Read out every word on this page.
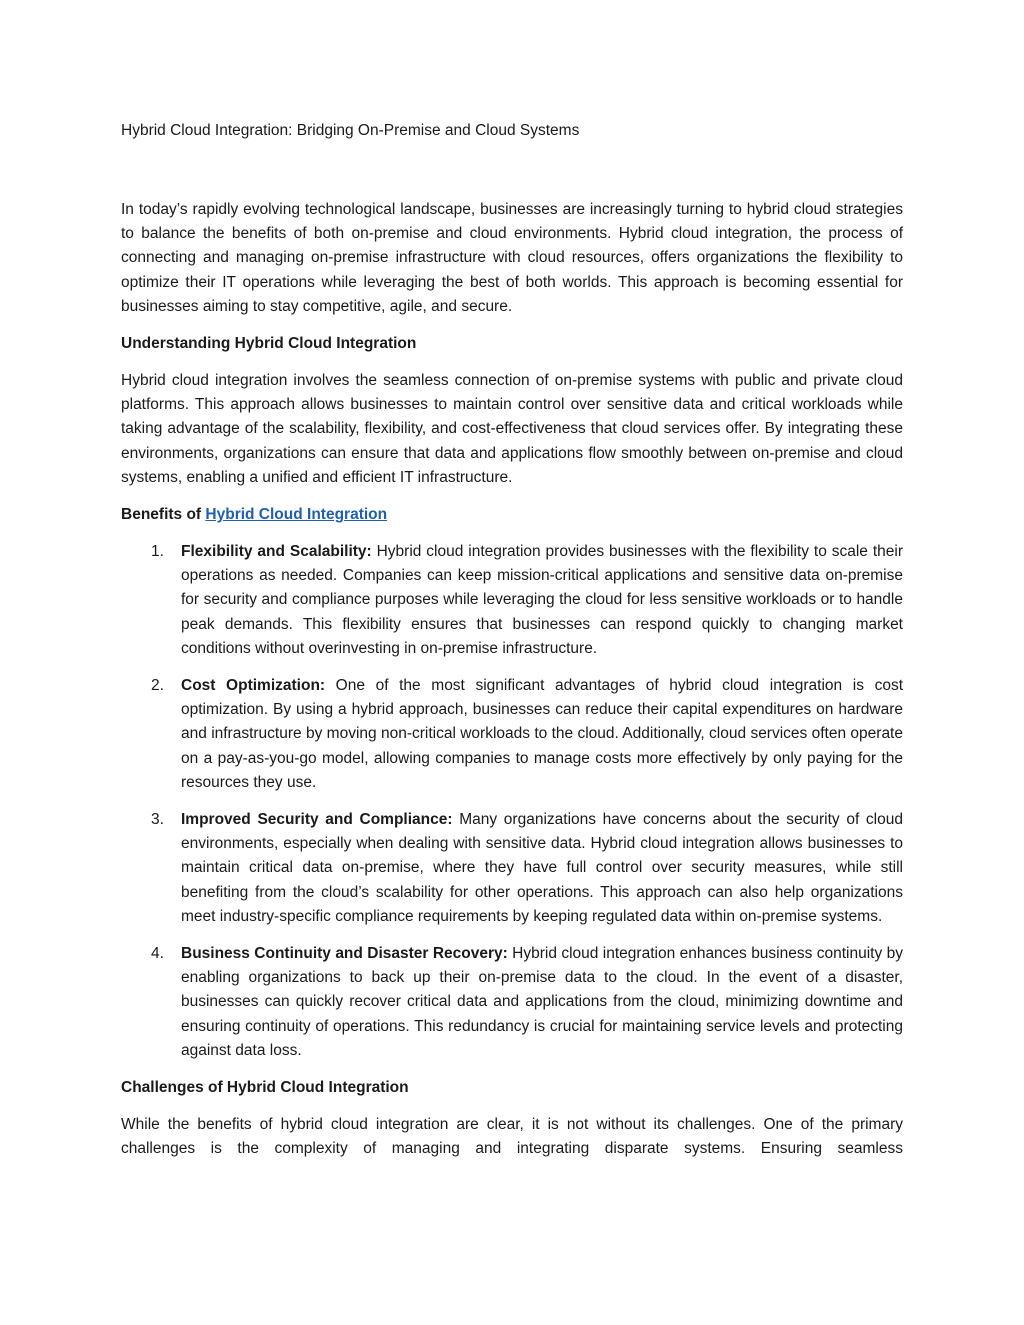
Hybrid Cloud Integration: Bridging On-Premise and Cloud Systems

In today’s rapidly evolving technological landscape, businesses are increasingly turning to hybrid cloud strategies to balance the benefits of both on-premise and cloud environments. Hybrid cloud integration, the process of connecting and managing on-premise infrastructure with cloud resources, offers organizations the flexibility to optimize their IT operations while leveraging the best of both worlds. This approach is becoming essential for businesses aiming to stay competitive, agile, and secure.

Understanding Hybrid Cloud Integration

Hybrid cloud integration involves the seamless connection of on-premise systems with public and private cloud platforms. This approach allows businesses to maintain control over sensitive data and critical workloads while taking advantage of the scalability, flexibility, and cost-effectiveness that cloud services offer. By integrating these environments, organizations can ensure that data and applications flow smoothly between on-premise and cloud systems, enabling a unified and efficient IT infrastructure.

Benefits of Hybrid Cloud Integration
1. Flexibility and Scalability: Hybrid cloud integration provides businesses with the flexibility to scale their operations as needed. Companies can keep mission-critical applications and sensitive data on-premise for security and compliance purposes while leveraging the cloud for less sensitive workloads or to handle peak demands. This flexibility ensures that businesses can respond quickly to changing market conditions without overinvesting in on-premise infrastructure.
2. Cost Optimization: One of the most significant advantages of hybrid cloud integration is cost optimization. By using a hybrid approach, businesses can reduce their capital expenditures on hardware and infrastructure by moving non-critical workloads to the cloud. Additionally, cloud services often operate on a pay-as-you-go model, allowing companies to manage costs more effectively by only paying for the resources they use.
3. Improved Security and Compliance: Many organizations have concerns about the security of cloud environments, especially when dealing with sensitive data. Hybrid cloud integration allows businesses to maintain critical data on-premise, where they have full control over security measures, while still benefiting from the cloud’s scalability for other operations. This approach can also help organizations meet industry-specific compliance requirements by keeping regulated data within on-premise systems.
4. Business Continuity and Disaster Recovery: Hybrid cloud integration enhances business continuity by enabling organizations to back up their on-premise data to the cloud. In the event of a disaster, businesses can quickly recover critical data and applications from the cloud, minimizing downtime and ensuring continuity of operations. This redundancy is crucial for maintaining service levels and protecting against data loss.
Challenges of Hybrid Cloud Integration

While the benefits of hybrid cloud integration are clear, it is not without its challenges. One of the primary challenges is the complexity of managing and integrating disparate systems. Ensuring seamless
